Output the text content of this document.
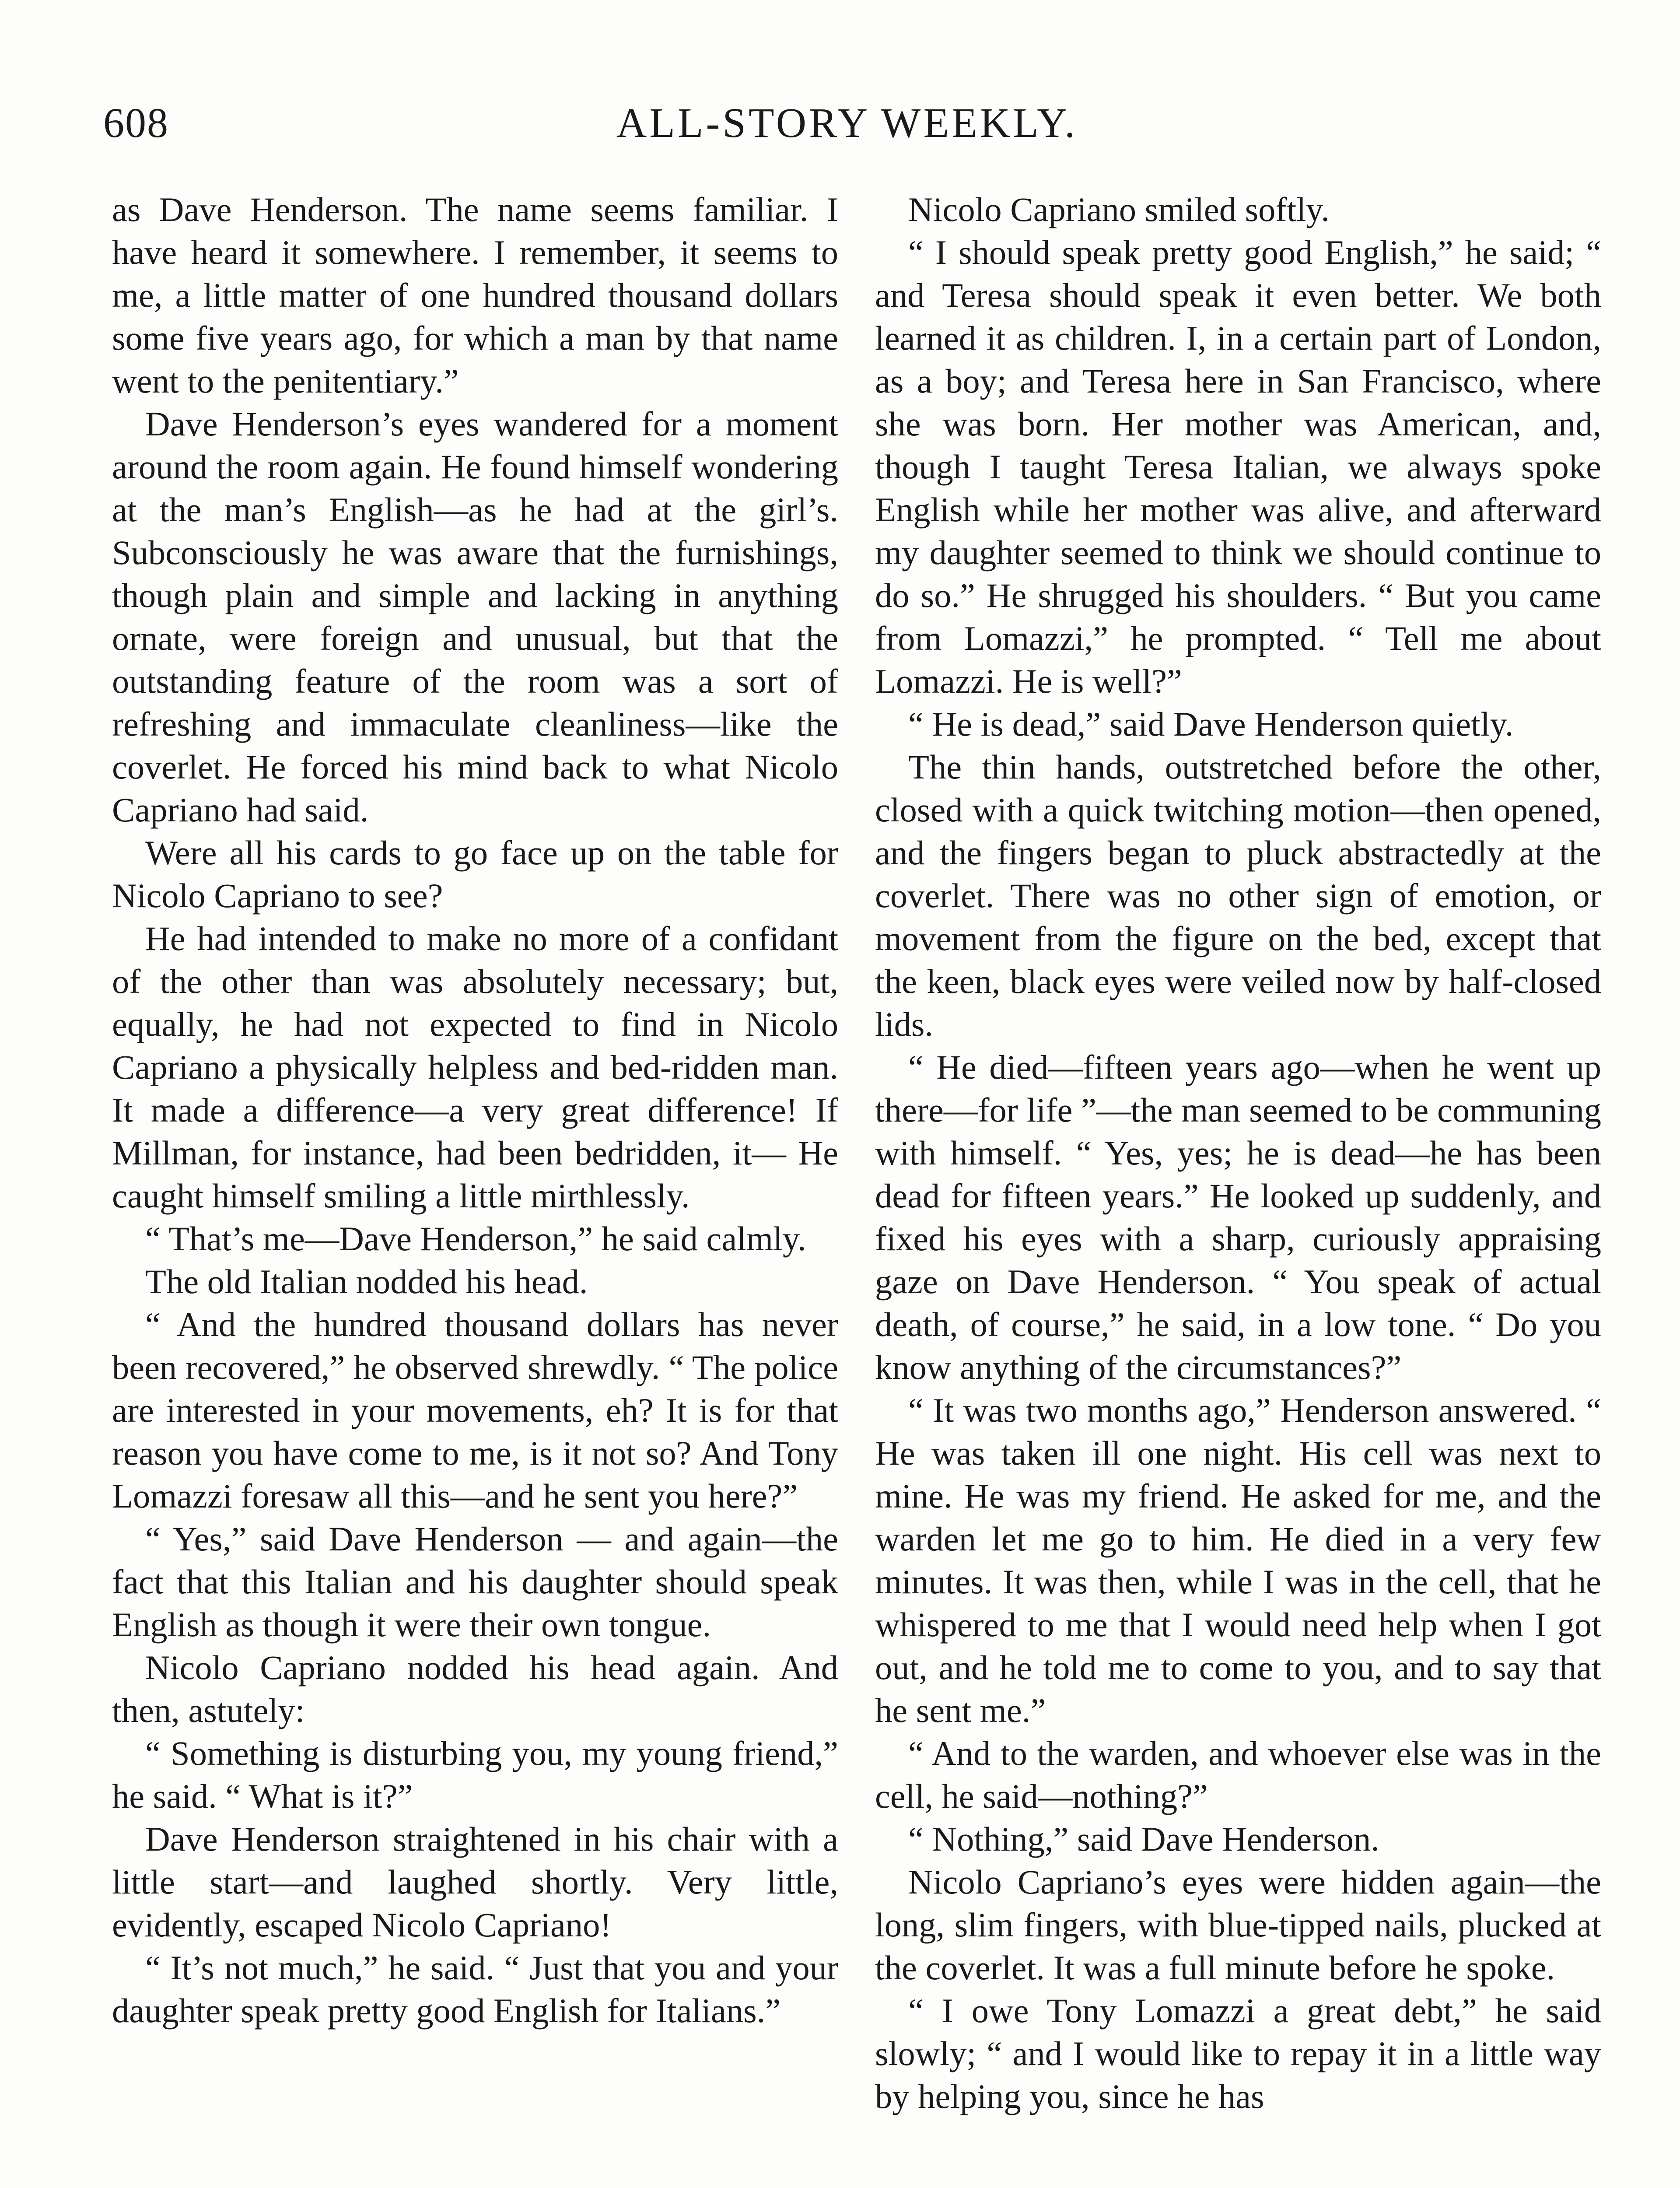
608	ALL-STORY WEEKLY.

as Dave Henderson. The name seems familiar. I have heard it somewhere. I remember, it seems to me, a little matter of one hundred thousand dollars some five years ago, for which a man by that name went to the penitentiary.”

Dave Henderson’s eyes wandered for a moment around the room again. He found himself wondering at the man’s English—as he had at the girl’s. Subconsciously he was aware that the furnishings, though plain and simple and lacking in anything ornate, were foreign and unusual, but that the outstanding feature of the room was a sort of refreshing and immaculate cleanliness—like the coverlet. He forced his mind back to what Nicolo Capriano had said.

Were all his cards to go face up on the table for Nicolo Capriano to see?

He had intended to make no more of a confidant of the other than was absolutely necessary; but, equally, he had not expected to find in Nicolo Capriano a physically helpless and bed-ridden man. It made a difference—a very great difference! If Millman, for instance, had been bedridden, it— He caught himself smiling a little mirthlessly.

“ That’s me—Dave Henderson,” he said calmly.

The old Italian nodded his head.

“ And the hundred thousand dollars has never been recovered,” he observed shrewdly. “ The police are interested in your movements, eh? It is for that reason you have come to me, is it not so? And Tony Lomazzi foresaw all this—and he sent you here?”

“ Yes,” said Dave Henderson — and again—the fact that this Italian and his daughter should speak English as though it were their own tongue.

Nicolo Capriano nodded his head again. And then, astutely:

“ Something is disturbing you, my young friend,” he said. “ What is it?”

Dave Henderson straightened in his chair with a little start—and laughed shortly. Very little, evidently, escaped Nicolo Capriano!

“ It’s not much,” he said. “ Just that you and your daughter speak pretty good English for Italians.”

Nicolo Capriano smiled softly.

“ I should speak pretty good English,” he said; “ and Teresa should speak it even better. We both learned it as children. I, in a certain part of London, as a boy; and Teresa here in San Francisco, where she was born. Her mother was American, and, though I taught Teresa Italian, we always spoke English while her mother was alive, and afterward my daughter seemed to think we should continue to do so.” He shrugged his shoulders. “ But you came from Lomazzi,” he prompted. “ Tell me about Lomazzi. He is well?”

“ He is dead,” said Dave Henderson quietly.

The thin hands, outstretched before the other, closed with a quick twitching motion—then opened, and the fingers began to pluck abstractedly at the coverlet. There was no other sign of emotion, or movement from the figure on the bed, except that the keen, black eyes were veiled now by half-closed lids.

“ He died—fifteen years ago—when he went up there—for life ”—the man seemed to be communing with himself. “ Yes, yes; he is dead—he has been dead for fifteen years.” He looked up suddenly, and fixed his eyes with a sharp, curiously appraising gaze on Dave Henderson. “ You speak of actual death, of course,” he said, in a low tone. “ Do you know anything of the circumstances?”

“ It was two months ago,” Henderson answered. “ He was taken ill one night. His cell was next to mine. He was my friend. He asked for me, and the warden let me go to him. He died in a very few minutes. It was then, while I was in the cell, that he whispered to me that I would need help when I got out, and he told me to come to you, and to say that he sent me.”

“ And to the warden, and whoever else was in the cell, he said—nothing?”

“ Nothing,” said Dave Henderson.

Nicolo Capriano’s eyes were hidden again—the long, slim fingers, with blue-tipped nails, plucked at the coverlet. It was a full minute before he spoke.

“ I owe Tony Lomazzi a great debt,” he said slowly; “ and I would like to repay it in a little way by helping you, since he has
